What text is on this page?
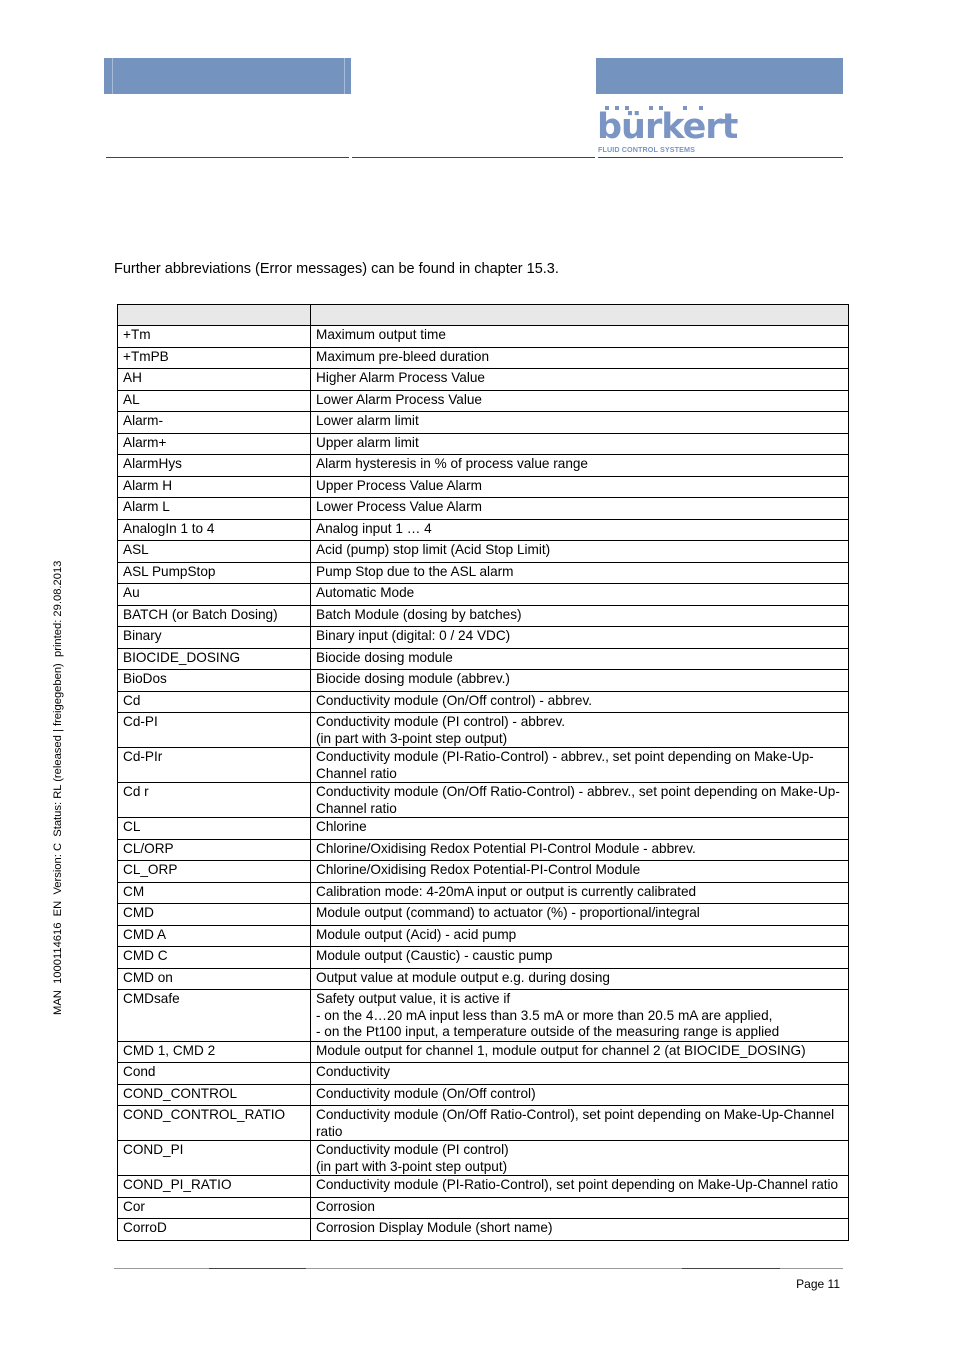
bürkert
FLUID CONTROL SYSTEMS
Further abbreviations (Error messages) can be found in chapter 15.3.

+Tm	Maximum output time
+TmPB	Maximum pre-bleed duration
AH	Higher Alarm Process Value
AL	Lower Alarm Process Value
Alarm-	Lower alarm limit
Alarm+	Upper alarm limit
AlarmHys	Alarm hysteresis in % of process value range
Alarm H	Upper Process Value Alarm
Alarm L	Lower Process Value Alarm
AnalogIn 1 to 4	Analog input 1 … 4
ASL	Acid (pump) stop limit (Acid Stop Limit)
ASL PumpStop	Pump Stop due to the ASL alarm
Au	Automatic Mode
BATCH (or Batch Dosing)	Batch Module (dosing by batches)
Binary	Binary input (digital: 0 / 24 VDC)
BIOCIDE_DOSING	Biocide dosing module
BioDos	Biocide dosing module (abbrev.)
Cd	Conductivity module (On/Off control) - abbrev.
Cd-PI	Conductivity module (PI control) - abbrev.
(in part with 3-point step output)
Cd-PIr	Conductivity module (PI-Ratio-Control) - abbrev., set point depending on Make-Up-Channel ratio
Cd r	Conductivity module (On/Off Ratio-Control) - abbrev., set point depending on Make-Up-Channel ratio
CL	Chlorine
CL/ORP	Chlorine/Oxidising Redox Potential PI-Control Module - abbrev.
CL_ORP	Chlorine/Oxidising Redox Potential-PI-Control Module
CM	Calibration mode: 4-20mA input or output is currently calibrated
CMD	Module output (command) to actuator (%) - proportional/integral
CMD A	Module output (Acid) - acid pump
CMD C	Module output (Caustic) - caustic pump
CMD on	Output value at module output e.g. during dosing
CMDsafe	Safety output value, it is active if
- on the 4…20 mA input less than 3.5 mA or more than 20.5 mA are applied,
- on the Pt100 input, a temperature outside of the measuring range is applied
CMD 1, CMD 2	Module output for channel 1, module output for channel 2 (at BIOCIDE_DOSING)
Cond	Conductivity
COND_CONTROL	Conductivity module (On/Off control)
COND_CONTROL_RATIO	Conductivity module (On/Off Ratio-Control), set point depending on Make-Up-Channel ratio
COND_PI	Conductivity module (PI control)
(in part with 3-point step output)
COND_PI_RATIO	Conductivity module (PI-Ratio-Control), set point depending on Make-Up-Channel ratio
Cor	Corrosion
CorroD	Corrosion Display Module (short name)
MAN  1000114616  EN  Version: C  Status: RL (released | freigegeben)  printed: 29.08.2013
Page 11
